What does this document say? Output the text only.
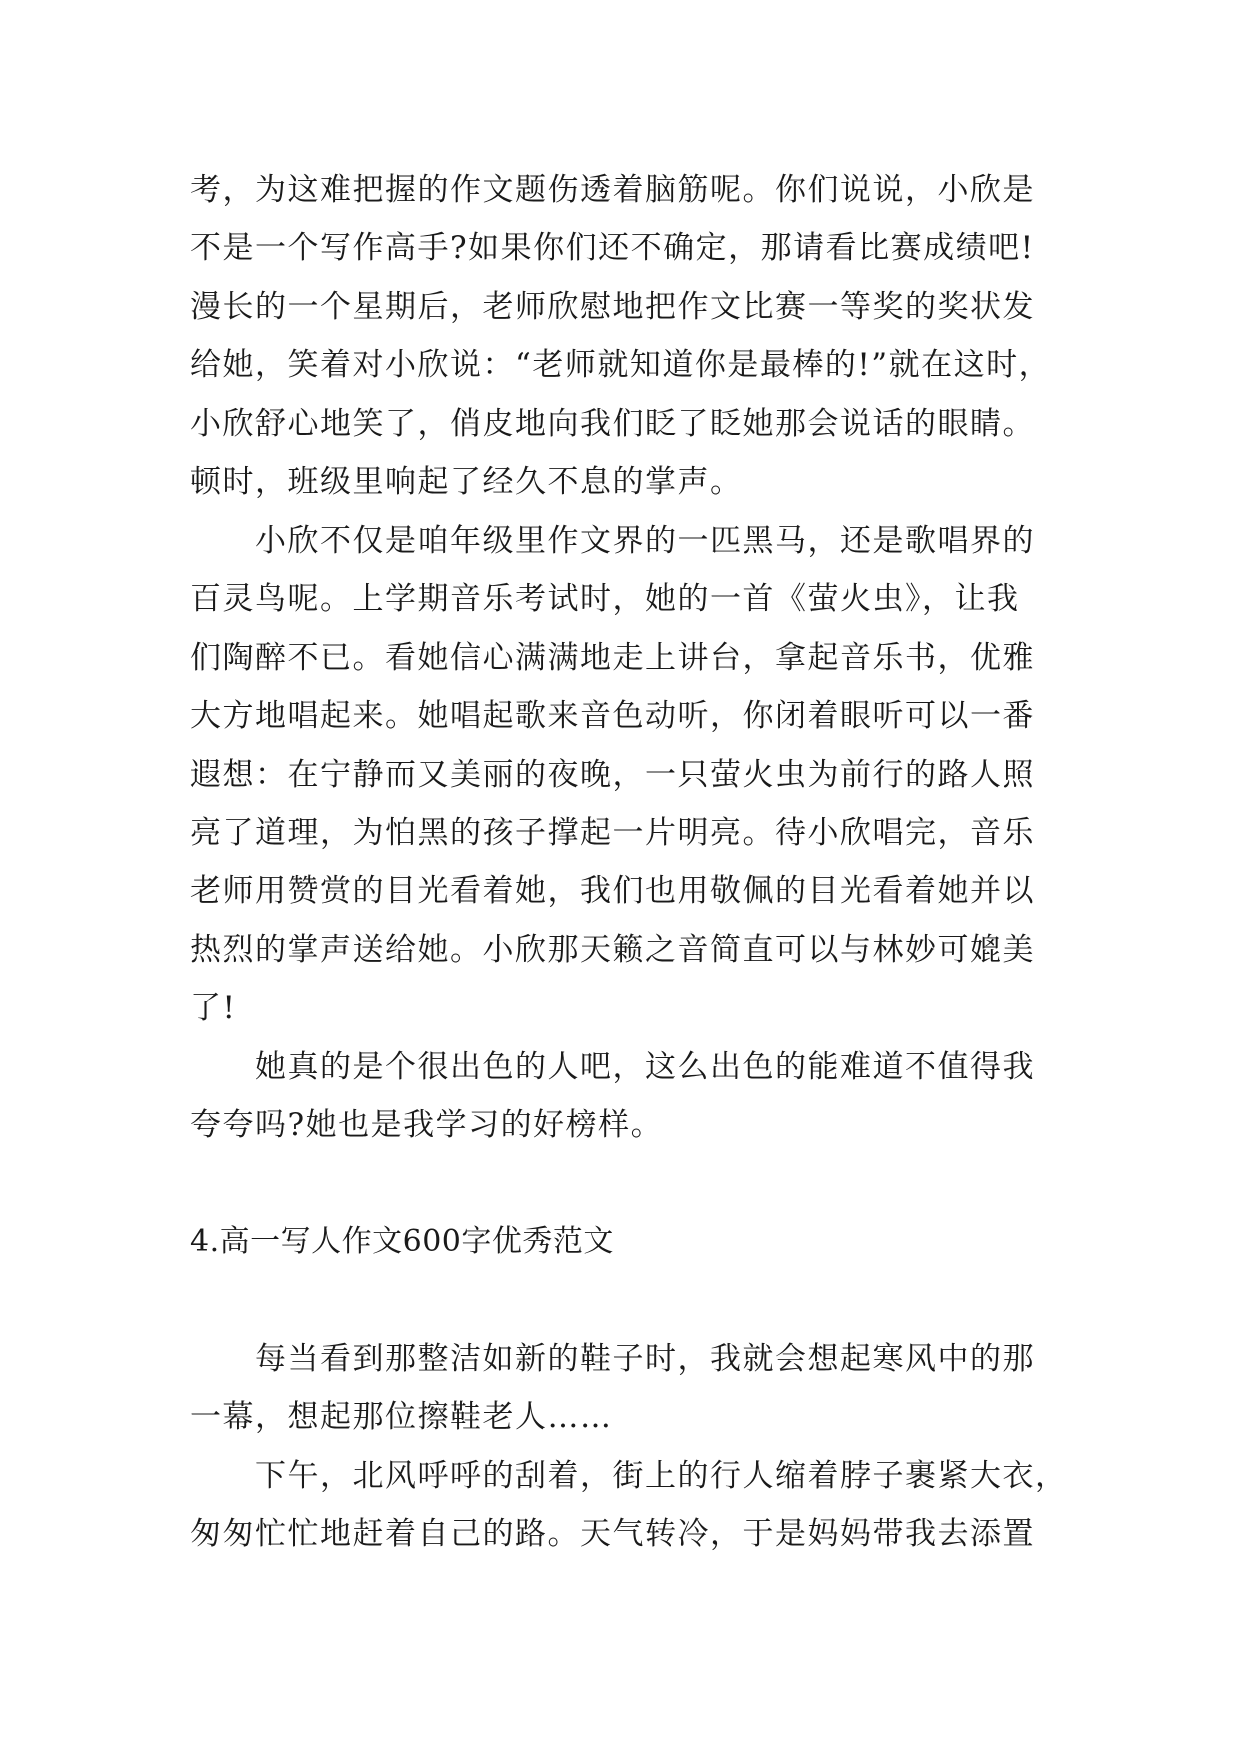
考，为这难把握的作文题伤透着脑筋呢。你们说说，小欣是
不是一个写作高手?如果你们还不确定，那请看比赛成绩吧!
漫长的一个星期后，老师欣慰地把作文比赛一等奖的奖状发
给她，笑着对小欣说：“老师就知道你是最棒的!”就在这时，
小欣舒心地笑了，俏皮地向我们眨了眨她那会说话的眼睛。
顿时，班级里响起了经久不息的掌声。
　　小欣不仅是咱年级里作文界的一匹黑马，还是歌唱界的
百灵鸟呢。上学期音乐考试时，她的一首《萤火虫》，让我
们陶醉不已。看她信心满满地走上讲台，拿起音乐书，优雅
大方地唱起来。她唱起歌来音色动听，你闭着眼听可以一番
遐想：在宁静而又美丽的夜晚，一只萤火虫为前行的路人照
亮了道理，为怕黑的孩子撑起一片明亮。待小欣唱完，音乐
老师用赞赏的目光看着她，我们也用敬佩的目光看着她并以
热烈的掌声送给她。小欣那天籁之音简直可以与林妙可媲美
了!
　　她真的是个很出色的人吧，这么出色的能难道不值得我
夸夸吗?她也是我学习的好榜样。
4.高一写人作文600字优秀范文
　　每当看到那整洁如新的鞋子时，我就会想起寒风中的那
一幕，想起那位擦鞋老人……
　　下午，北风呼呼的刮着，街上的行人缩着脖子裹紧大衣，
匆匆忙忙地赶着自己的路。天气转冷，于是妈妈带我去添置
